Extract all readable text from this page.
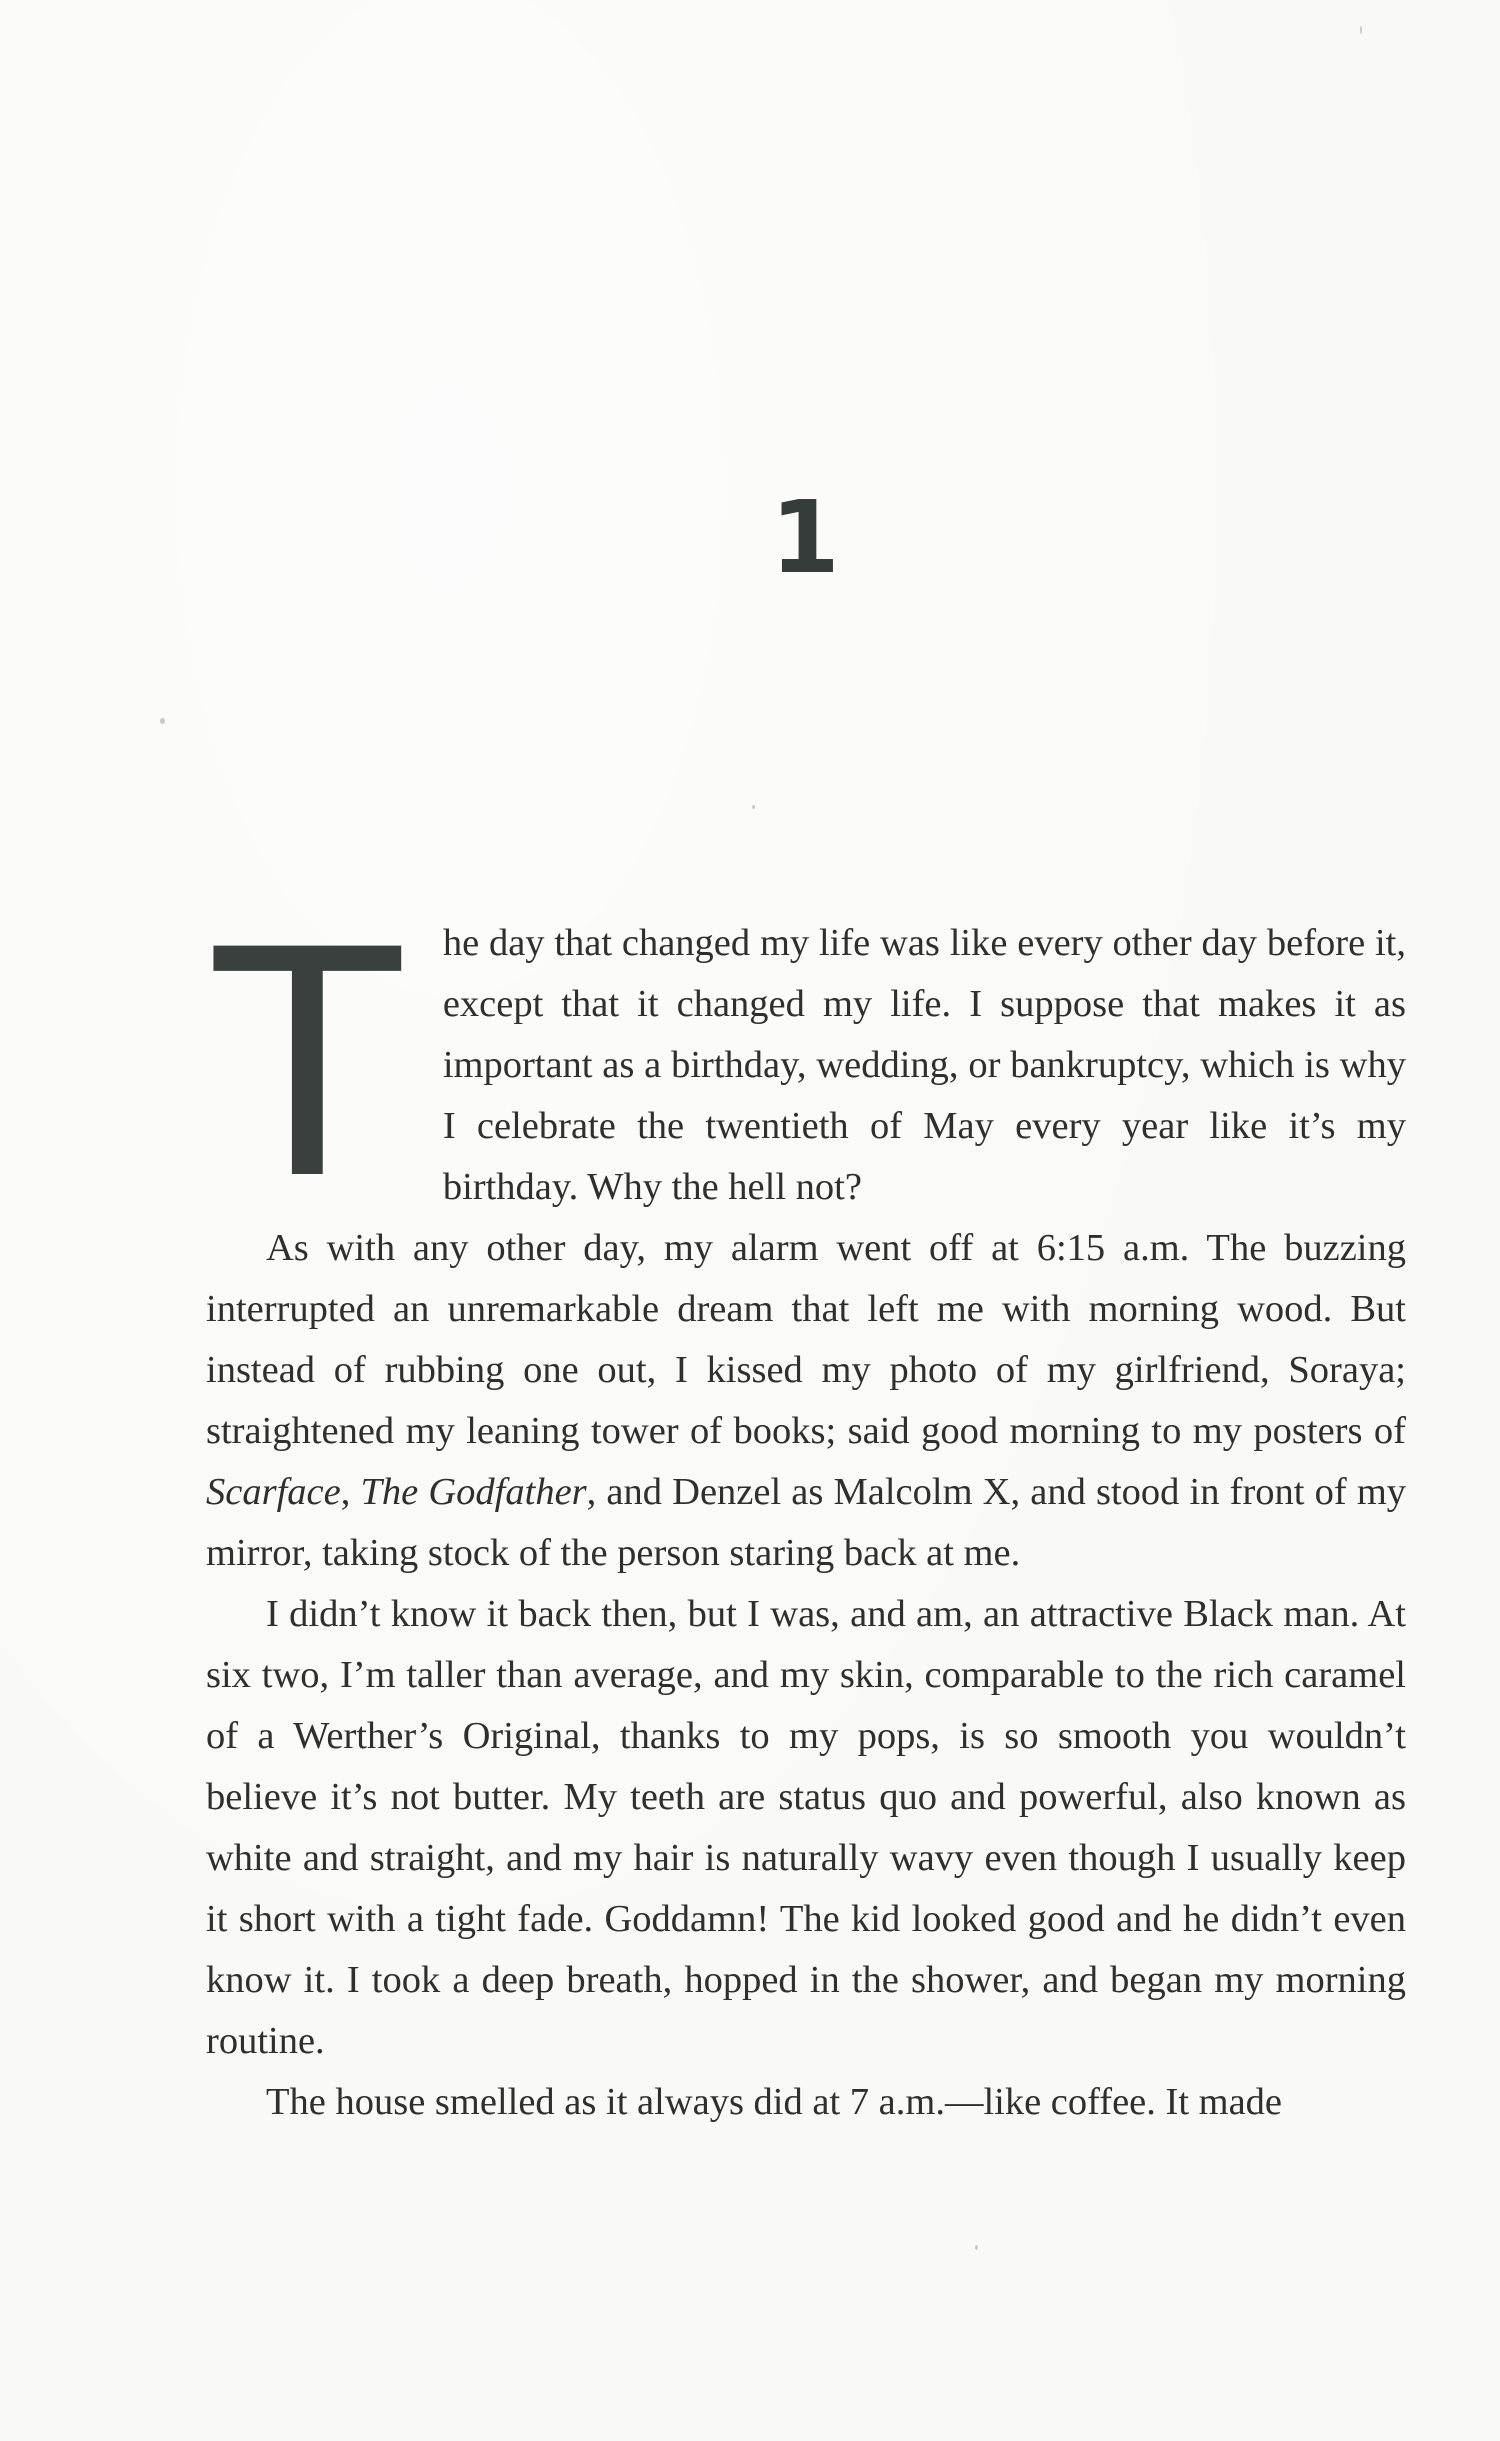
1

The day that changed my life was like every other day before it, except that it changed my life. I suppose that makes it as important as a birthday, wedding, or bankruptcy, which is why I celebrate the twentieth of May every year like it’s my birthday. Why the hell not?

As with any other day, my alarm went off at 6:15 a.m. The buzzing interrupted an unremarkable dream that left me with morning wood. But instead of rubbing one out, I kissed my photo of my girlfriend, Soraya; straightened my leaning tower of books; said good morning to my posters of Scarface, The Godfather, and Denzel as Malcolm X, and stood in front of my mirror, taking stock of the person staring back at me.

I didn’t know it back then, but I was, and am, an attractive Black man. At six two, I’m taller than average, and my skin, comparable to the rich caramel of a Werther’s Original, thanks to my pops, is so smooth you wouldn’t believe it’s not butter. My teeth are status quo and powerful, also known as white and straight, and my hair is naturally wavy even though I usually keep it short with a tight fade. Goddamn! The kid looked good and he didn’t even know it. I took a deep breath, hopped in the shower, and began my morning routine.

The house smelled as it always did at 7 a.m.—like coffee. It made
